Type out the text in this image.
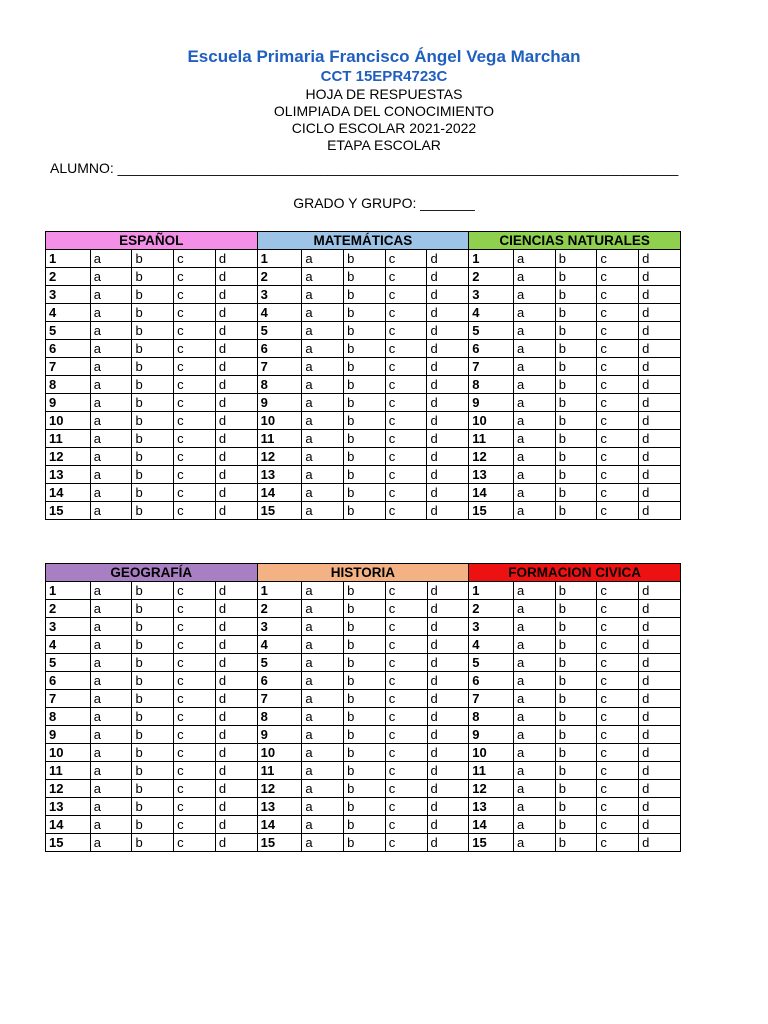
Escuela Primaria Francisco Ángel Vega Marchan
CCT 15EPR4723C
HOJA DE RESPUESTAS
OLIMPIADA DEL CONOCIMIENTO
CICLO ESCOLAR 2021-2022
ETAPA ESCOLAR
ALUMNO: ________________________________________________________________________
GRADO Y GRUPO: _______
ESPAÑOL					MATEMÁTICAS					CIENCIAS NATURALES				
1	a	b	c	d	1	a	b	c	d	1	a	b	c	d
2	a	b	c	d	2	a	b	c	d	2	a	b	c	d
3	a	b	c	d	3	a	b	c	d	3	a	b	c	d
4	a	b	c	d	4	a	b	c	d	4	a	b	c	d
5	a	b	c	d	5	a	b	c	d	5	a	b	c	d
6	a	b	c	d	6	a	b	c	d	6	a	b	c	d
7	a	b	c	d	7	a	b	c	d	7	a	b	c	d
8	a	b	c	d	8	a	b	c	d	8	a	b	c	d
9	a	b	c	d	9	a	b	c	d	9	a	b	c	d
10	a	b	c	d	10	a	b	c	d	10	a	b	c	d
11	a	b	c	d	11	a	b	c	d	11	a	b	c	d
12	a	b	c	d	12	a	b	c	d	12	a	b	c	d
13	a	b	c	d	13	a	b	c	d	13	a	b	c	d
14	a	b	c	d	14	a	b	c	d	14	a	b	c	d
15	a	b	c	d	15	a	b	c	d	15	a	b	c	d
GEOGRAFÍA					HISTORIA					FORMACION CIVICA				
1	a	b	c	d	1	a	b	c	d	1	a	b	c	d
2	a	b	c	d	2	a	b	c	d	2	a	b	c	d
3	a	b	c	d	3	a	b	c	d	3	a	b	c	d
4	a	b	c	d	4	a	b	c	d	4	a	b	c	d
5	a	b	c	d	5	a	b	c	d	5	a	b	c	d
6	a	b	c	d	6	a	b	c	d	6	a	b	c	d
7	a	b	c	d	7	a	b	c	d	7	a	b	c	d
8	a	b	c	d	8	a	b	c	d	8	a	b	c	d
9	a	b	c	d	9	a	b	c	d	9	a	b	c	d
10	a	b	c	d	10	a	b	c	d	10	a	b	c	d
11	a	b	c	d	11	a	b	c	d	11	a	b	c	d
12	a	b	c	d	12	a	b	c	d	12	a	b	c	d
13	a	b	c	d	13	a	b	c	d	13	a	b	c	d
14	a	b	c	d	14	a	b	c	d	14	a	b	c	d
15	a	b	c	d	15	a	b	c	d	15	a	b	c	d
